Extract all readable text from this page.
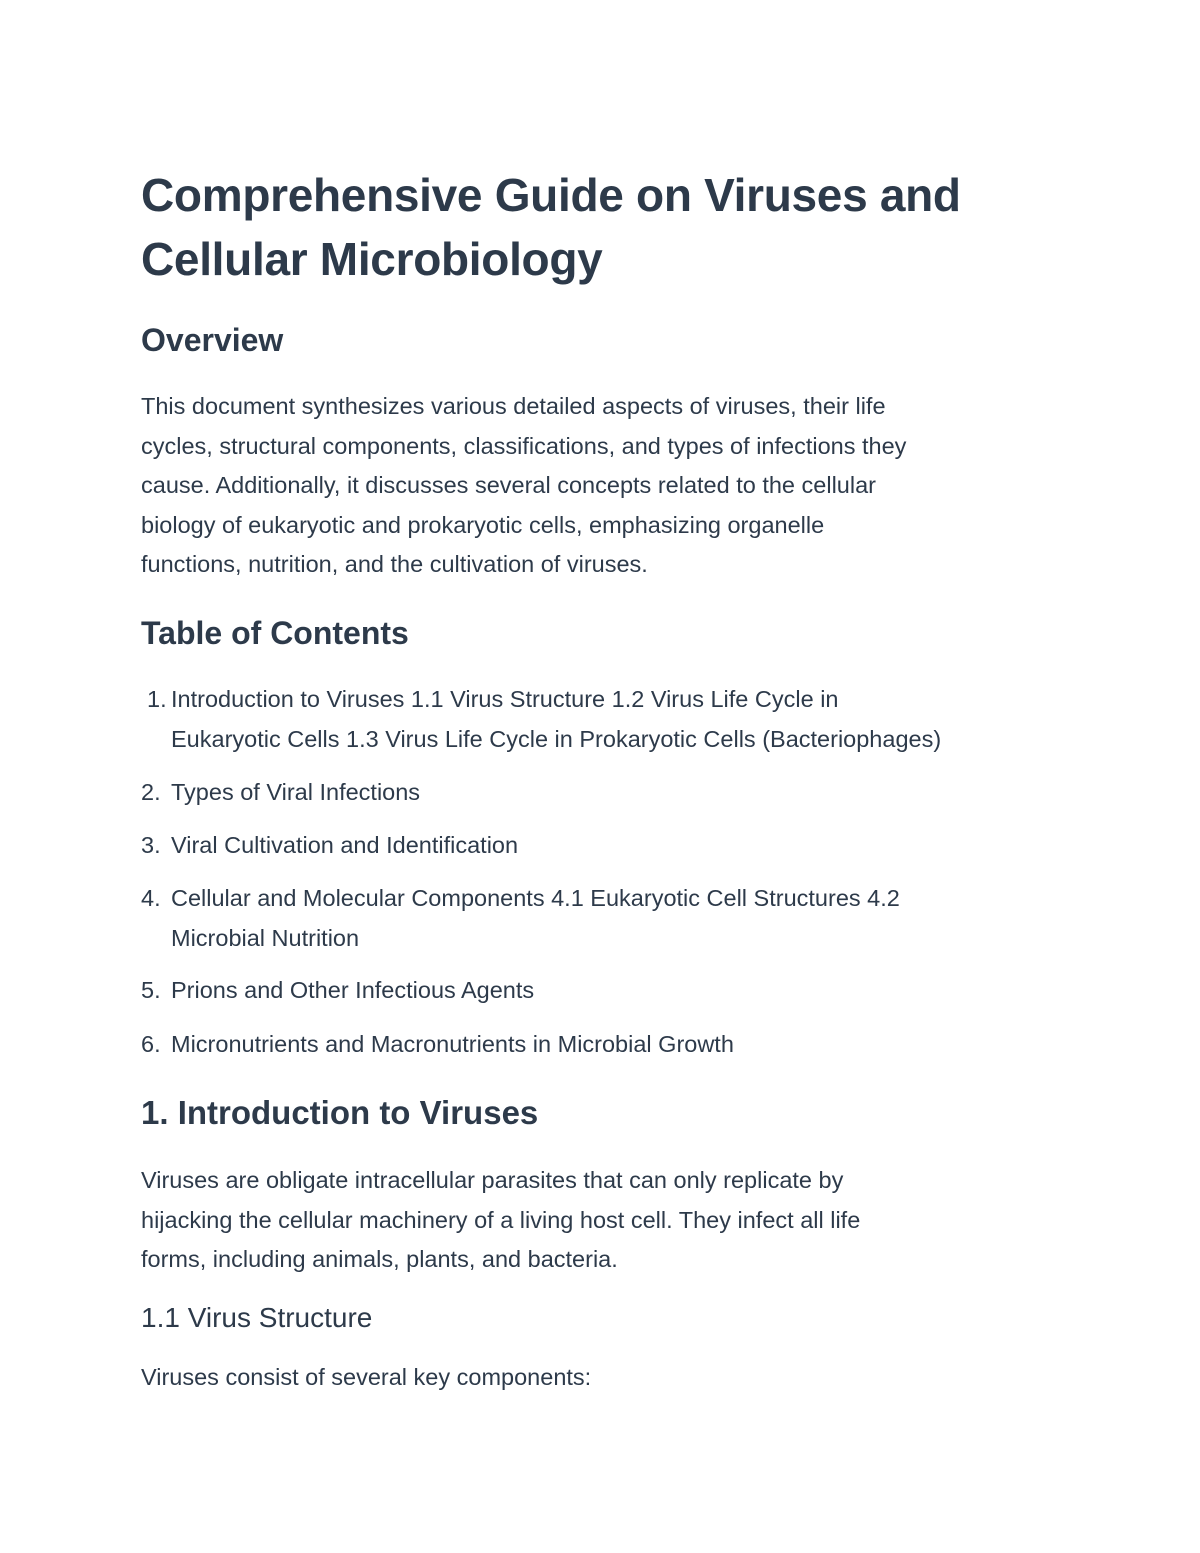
Comprehensive Guide on Viruses and
Cellular Microbiology
Overview
This document synthesizes various detailed aspects of viruses, their life
cycles, structural components, classifications, and types of infections they
cause. Additionally, it discusses several concepts related to the cellular
biology of eukaryotic and prokaryotic cells, emphasizing organelle
functions, nutrition, and the cultivation of viruses.
Table of Contents
1. Introduction to Viruses 1.1 Virus Structure 1.2 Virus Life Cycle in
Eukaryotic Cells 1.3 Virus Life Cycle in Prokaryotic Cells (Bacteriophages)
2. Types of Viral Infections
3. Viral Cultivation and Identification
4. Cellular and Molecular Components 4.1 Eukaryotic Cell Structures 4.2
Microbial Nutrition
5. Prions and Other Infectious Agents
6. Micronutrients and Macronutrients in Microbial Growth
1. Introduction to Viruses
Viruses are obligate intracellular parasites that can only replicate by
hijacking the cellular machinery of a living host cell. They infect all life
forms, including animals, plants, and bacteria.
1.1 Virus Structure
Viruses consist of several key components:
